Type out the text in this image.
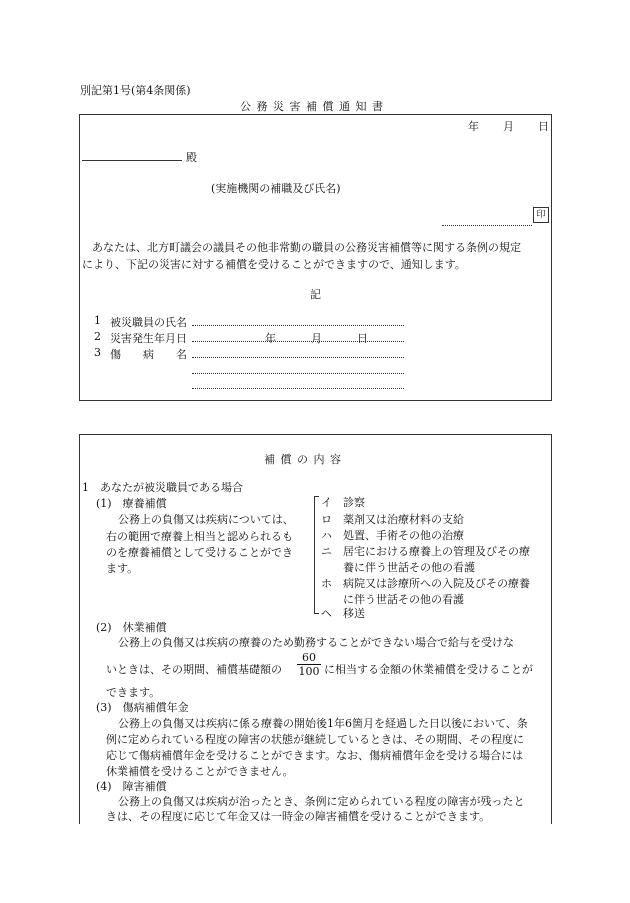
別記第1号(第4条関係)
公 務 災 害 補 償 通 知 書
年 月 日
殿
(実施機関の補職及び氏名)
印
あなたは、北方町議会の議員その他非常勤の職員の公務災害補償等に関する条例の規定
により、下記の災害に対する補償を受けることができますので、通知します。
記
1 被災職員の氏名
2 災害発生年月日	年	月	日
3 傷　　病　　名
補 償 の 内 容
1　あなたが被災職員である場合
(1)　療養補償
公務上の負傷又は疾病については、
右の範囲で療養上相当と認められるも
のを療養補償として受けることができ
ます。
イ　診察
ロ　薬剤又は治療材料の支給
ハ　処置、手術その他の治療
ニ　居宅における療養上の管理及びその療
　　養に伴う世話その他の看護
ホ　病院又は診療所への入院及びその療養
　　に伴う世話その他の看護
ヘ　移送
(2)　休業補償
公務上の負傷又は疾病の療養のため勤務することができない場合で給与を受けな
いときは、その期間、補償基礎額の $\frac{60}{100}$ に相当する金額の休業補償を受けることが
できます。
(3)　傷病補償年金
公務上の負傷又は疾病に係る療養の開始後1年6箇月を経過した日以後において、条
例に定められている程度の障害の状態が継続しているときは、その期間、その程度に
応じて傷病補償年金を受けることができます。なお、傷病補償年金を受ける場合には
休業補償を受けることができません。
(4)　障害補償
公務上の負傷又は疾病が治ったとき、条例に定められている程度の障害が残ったと
きは、その程度に応じて年金又は一時金の障害補償を受けることができます。
